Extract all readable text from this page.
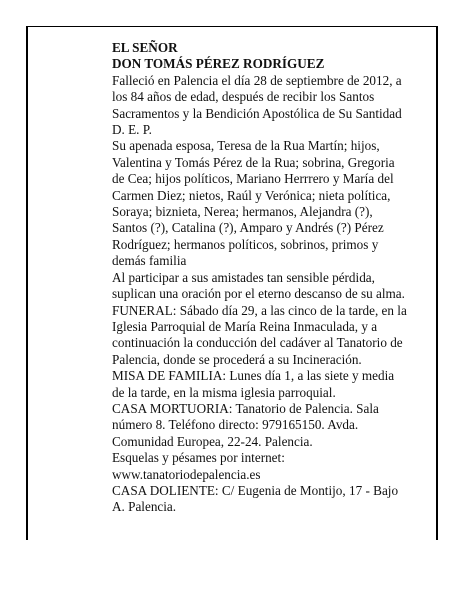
EL SEÑOR
DON TOMÁS PÉREZ RODRÍGUEZ
Falleció en Palencia el día 28 de septiembre de 2012, a
los 84 años de edad, después de recibir los Santos
Sacramentos y la Bendición Apostólica de Su Santidad
D. E. P.
Su apenada esposa, Teresa de la Rua Martín; hijos,
Valentina y Tomás Pérez de la Rua; sobrina, Gregoria
de Cea; hijos políticos, Mariano Herrrero y María del
Carmen Diez; nietos, Raúl y Verónica; nieta política,
Soraya; biznieta, Nerea; hermanos, Alejandra (?),
Santos (?), Catalina (?), Amparo y Andrés (?) Pérez
Rodríguez; hermanos políticos, sobrinos, primos y
demás familia
Al participar a sus amistades tan sensible pérdida,
suplican una oración por el eterno descanso de su alma.
FUNERAL: Sábado día 29, a las cinco de la tarde, en la
Iglesia Parroquial de María Reina Inmaculada, y a
continuación la conducción del cadáver al Tanatorio de
Palencia, donde se procederá a su Incineración.
MISA DE FAMILIA: Lunes día 1, a las siete y media
de la tarde, en la misma iglesia parroquial.
CASA MORTUORIA: Tanatorio de Palencia. Sala
número 8. Teléfono directo: 979165150. Avda.
Comunidad Europea, 22-24. Palencia.
Esquelas y pésames por internet:
www.tanatoriodepalencia.es
CASA DOLIENTE: C/ Eugenia de Montijo, 17 - Bajo
A. Palencia.
